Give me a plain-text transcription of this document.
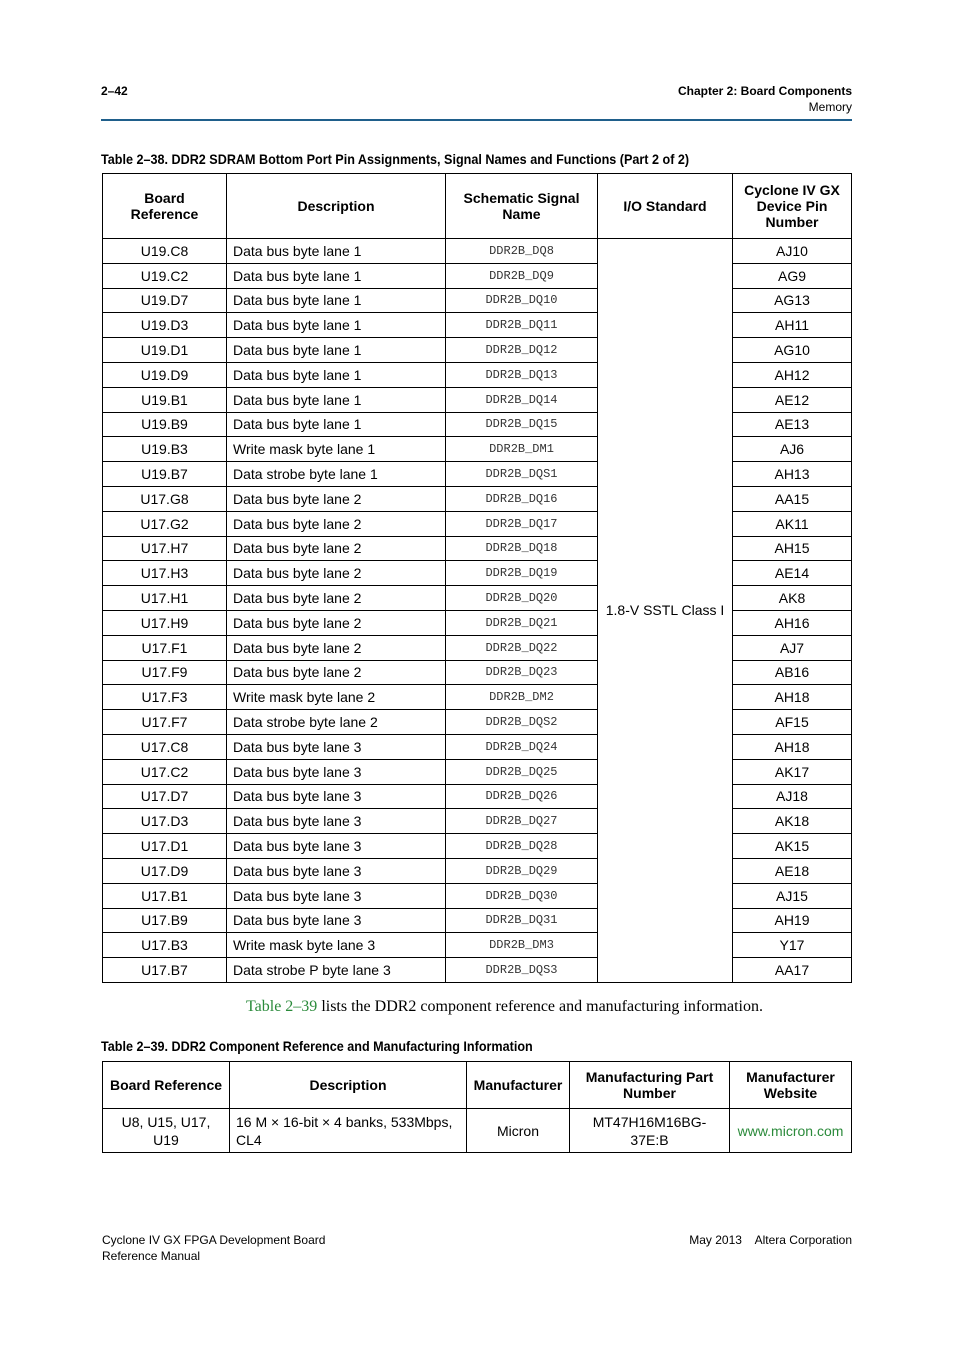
2–42	Chapter 2: Board Components
Memory
Table 2–38. DDR2 SDRAM Bottom Port Pin Assignments, Signal Names and Functions (Part 2 of 2)
Board Reference	Description	Schematic Signal Name	I/O Standard	Cyclone IV GX Device Pin Number
U19.C8	Data bus byte lane 1	DDR2B_DQ8	1.8-V SSTL Class I	AJ10
U19.C2	Data bus byte lane 1	DDR2B_DQ9		AG9
U19.D7	Data bus byte lane 1	DDR2B_DQ10		AG13
U19.D3	Data bus byte lane 1	DDR2B_DQ11		AH11
U19.D1	Data bus byte lane 1	DDR2B_DQ12		AG10
U19.D9	Data bus byte lane 1	DDR2B_DQ13		AH12
U19.B1	Data bus byte lane 1	DDR2B_DQ14		AE12
U19.B9	Data bus byte lane 1	DDR2B_DQ15		AE13
U19.B3	Write mask byte lane 1	DDR2B_DM1		AJ6
U19.B7	Data strobe byte lane 1	DDR2B_DQS1		AH13
U17.G8	Data bus byte lane 2	DDR2B_DQ16		AA15
U17.G2	Data bus byte lane 2	DDR2B_DQ17		AK11
U17.H7	Data bus byte lane 2	DDR2B_DQ18		AH15
U17.H3	Data bus byte lane 2	DDR2B_DQ19		AE14
U17.H1	Data bus byte lane 2	DDR2B_DQ20		AK8
U17.H9	Data bus byte lane 2	DDR2B_DQ21		AH16
U17.F1	Data bus byte lane 2	DDR2B_DQ22		AJ7
U17.F9	Data bus byte lane 2	DDR2B_DQ23		AB16
U17.F3	Write mask byte lane 2	DDR2B_DM2		AH18
U17.F7	Data strobe byte lane 2	DDR2B_DQS2		AF15
U17.C8	Data bus byte lane 3	DDR2B_DQ24		AH18
U17.C2	Data bus byte lane 3	DDR2B_DQ25		AK17
U17.D7	Data bus byte lane 3	DDR2B_DQ26		AJ18
U17.D3	Data bus byte lane 3	DDR2B_DQ27		AK18
U17.D1	Data bus byte lane 3	DDR2B_DQ28		AK15
U17.D9	Data bus byte lane 3	DDR2B_DQ29		AE18
U17.B1	Data bus byte lane 3	DDR2B_DQ30		AJ15
U17.B9	Data bus byte lane 3	DDR2B_DQ31		AH19
U17.B3	Write mask byte lane 3	DDR2B_DM3		Y17
U17.B7	Data strobe P byte lane 3	DDR2B_DQS3		AA17
Table 2–39 lists the DDR2 component reference and manufacturing information.
Table 2–39. DDR2 Component Reference and Manufacturing Information
Board Reference	Description	Manufacturer	Manufacturing Part Number	Manufacturer Website
U8, U15, U17, U19	16 M × 16-bit × 4 banks, 533Mbps, CL4	Micron	MT47H16M16BG-37E:B	www.micron.com
Cyclone IV GX FPGA Development Board
Reference Manual
May 2013    Altera Corporation
